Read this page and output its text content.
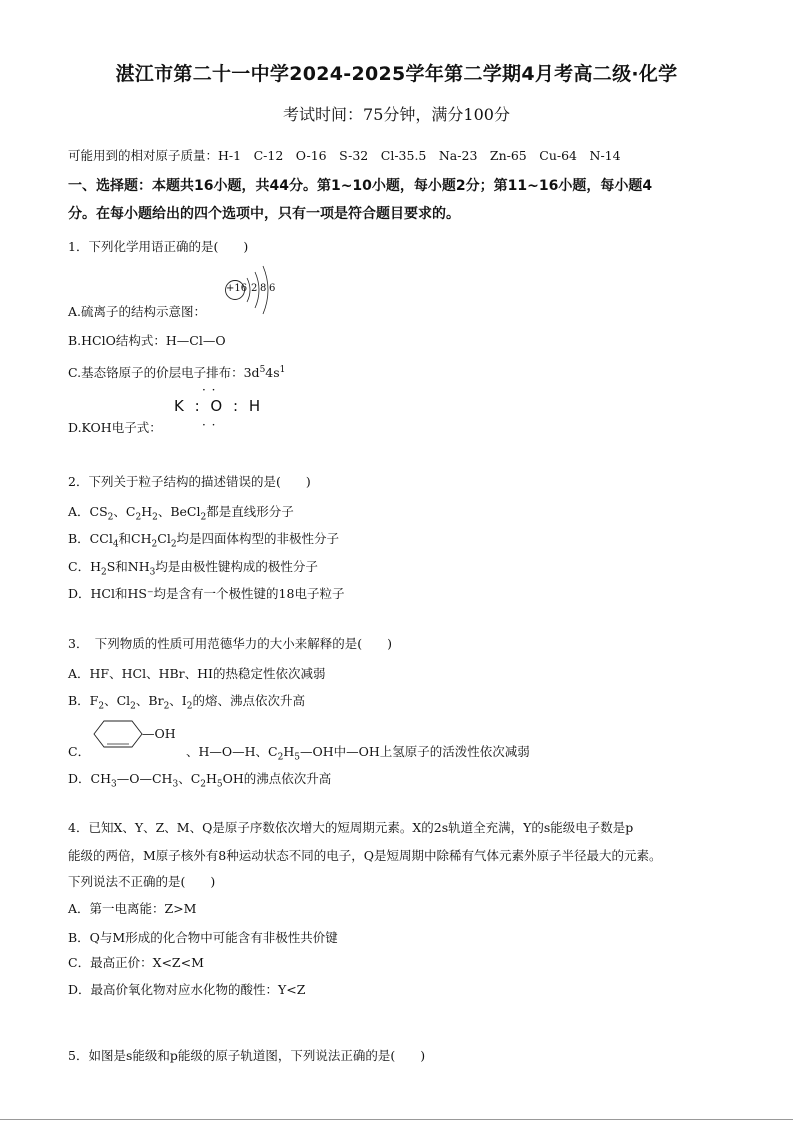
湛江市第二十一中学2024-2025学年第二学期4月考高二级·化学
考试时间：75分钟，满分100分
可能用到的相对原子质量：H-1　C-12　O-16　S-32　Cl-35.5　Na-23　Zn-65　Cu-64　N-14
一、选择题：本题共16小题，共44分。第1~10小题，每小题2分；第11~16小题，每小题4
分。在每小题给出的四个选项中，只有一项是符合题目要求的。
1．下列化学用语正确的是(　　)
A.硫离子的结构示意图：
+16 2 8 6
B.HClO结构式：H—Cl—O
C.基态铬原子的价层电子排布：$3d^54s^1$
D.KOH电子式：
· ·
K : O : H
· ·
2．下列关于粒子结构的描述错误的是(　　)
A．$CS_2$、$C_2H_2$、BeCl$_2$都是直线形分子
B．CCl$_4$和$CH_2Cl_2$均是四面体构型的非极性分子
C．$H_2S$和$NH_3$均是由极性键构成的极性分子
D．HCl和HS⁻均是含有一个极性键的18电子粒子
3．　下列物质的性质可用范德华力的大小来解释的是(　　)
A．HF、HCl、HBr、HI的热稳定性依次减弱
B．$F_2$、$Cl_2$、$Br_2$、$I_2$的熔、沸点依次升高
C．
—OH
、H—O—H、$C_2H_5—OH$中—OH上氢原子的活泼性依次减弱
D．$CH_3—O—CH_3$、$C_2H_5OH$的沸点依次升高
4．已知X、Y、Z、M、Q是原子序数依次增大的短周期元素。X的2s轨道全充满，Y的s能级电子数是p
能级的两倍，M原子核外有8种运动状态不同的电子，Q是短周期中除稀有气体元素外原子半径最大的元素。
下列说法不正确的是(　　)
A．第一电离能：Z>M
B．Q与M形成的化合物中可能含有非极性共价键
C．最高正价：X<Z<M
D．最高价氧化物对应水化物的酸性：Y<Z
5．如图是s能级和p能级的原子轨道图，下列说法正确的是(　　)
